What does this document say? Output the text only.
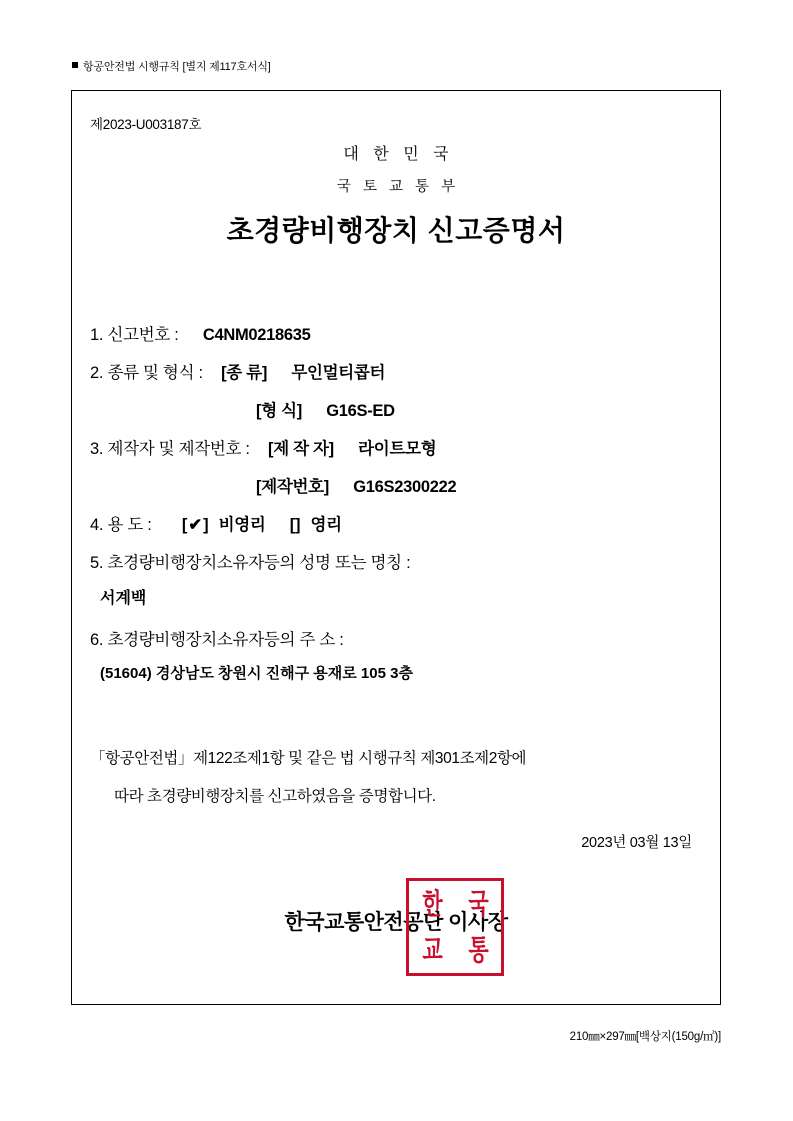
항공안전법 시행규칙 [별지 제117호서식]
제2023-U003187호
대 한 민 국
국 토 교 통 부
초경량비행장치 신고증명서
1. 신고번호 : C4NM0218635
2. 종류 및 형식 : [종 류] 무인멀티콥터
[형 식] G16S-ED
3. 제작자 및 제작번호 : [제 작 자] 라이트모형
[제작번호] G16S2300222
4. 용 도 : [✔] 비영리 [] 영리
5. 초경량비행장치소유자등의 성명 또는 명칭 :
서계백
6. 초경량비행장치소유자등의 주 소 :
(51604) 경상남도 창원시 진해구 용재로 105 3층
「항공안전법」제122조제1항 및 같은 법 시행규칙 제301조제2항에
따라 초경량비행장치를 신고하였음을 증명합니다.
2023년 03월 13일
한국교통안전공단 이사장
한 국
교 통
210㎜×297㎜[백상지(150g/㎡)]
